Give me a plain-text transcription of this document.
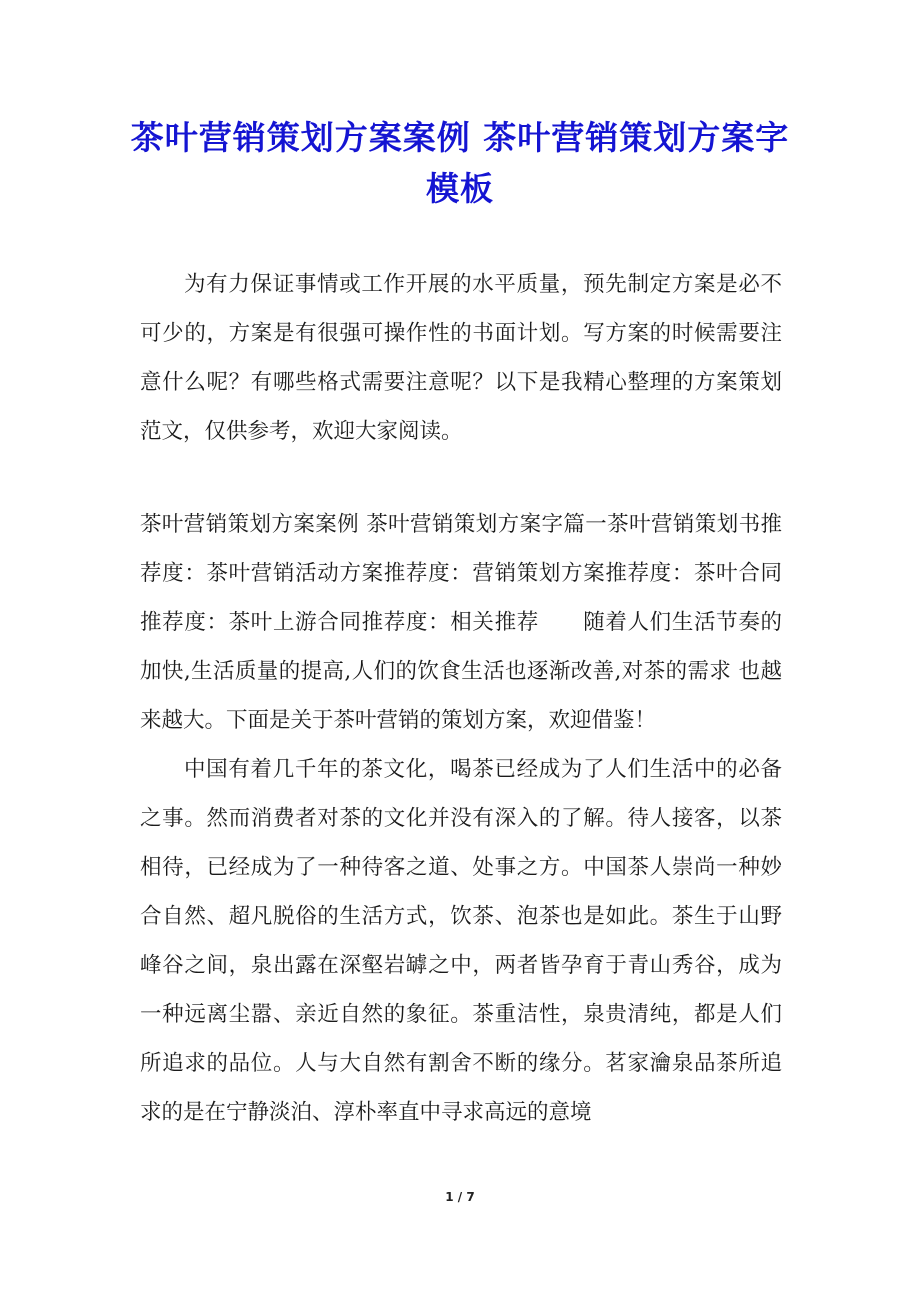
茶叶营销策划方案案例 茶叶营销策划方案字模板

为有力保证事情或工作开展的水平质量，预先制定方案是必不可少的，方案是有很强可操作性的书面计划。写方案的时候需要注意什么呢？有哪些格式需要注意呢？以下是我精心整理的方案策划范文，仅供参考，欢迎大家阅读。

茶叶营销策划方案案例 茶叶营销策划方案字篇一茶叶营销策划书推荐度：茶叶营销活动方案推荐度：营销策划方案推荐度：茶叶合同推荐度：茶叶上游合同推荐度：相关推荐　　随着人们生活节奏的加快,生活质量的提高,人们的饮食生活也逐渐改善,对茶的需求 也越来越大。下面是关于茶叶营销的策划方案，欢迎借鉴！

中国有着几千年的茶文化，喝茶已经成为了人们生活中的必备之事。然而消费者对茶的文化并没有深入的了解。待人接客，以茶相待，已经成为了一种待客之道、处事之方。中国茶人崇尚一种妙合自然、超凡脱俗的生活方式，饮茶、泡茶也是如此。茶生于山野峰谷之间，泉出露在深壑岩罅之中，两者皆孕育于青山秀谷，成为一种远离尘嚣、亲近自然的象征。茶重洁性，泉贵清纯，都是人们所追求的品位。人与大自然有割舍不断的缘分。茗家瀹泉品茶所追求的是在宁静淡泊、淳朴率直中寻求高远的意境

1 / 7
